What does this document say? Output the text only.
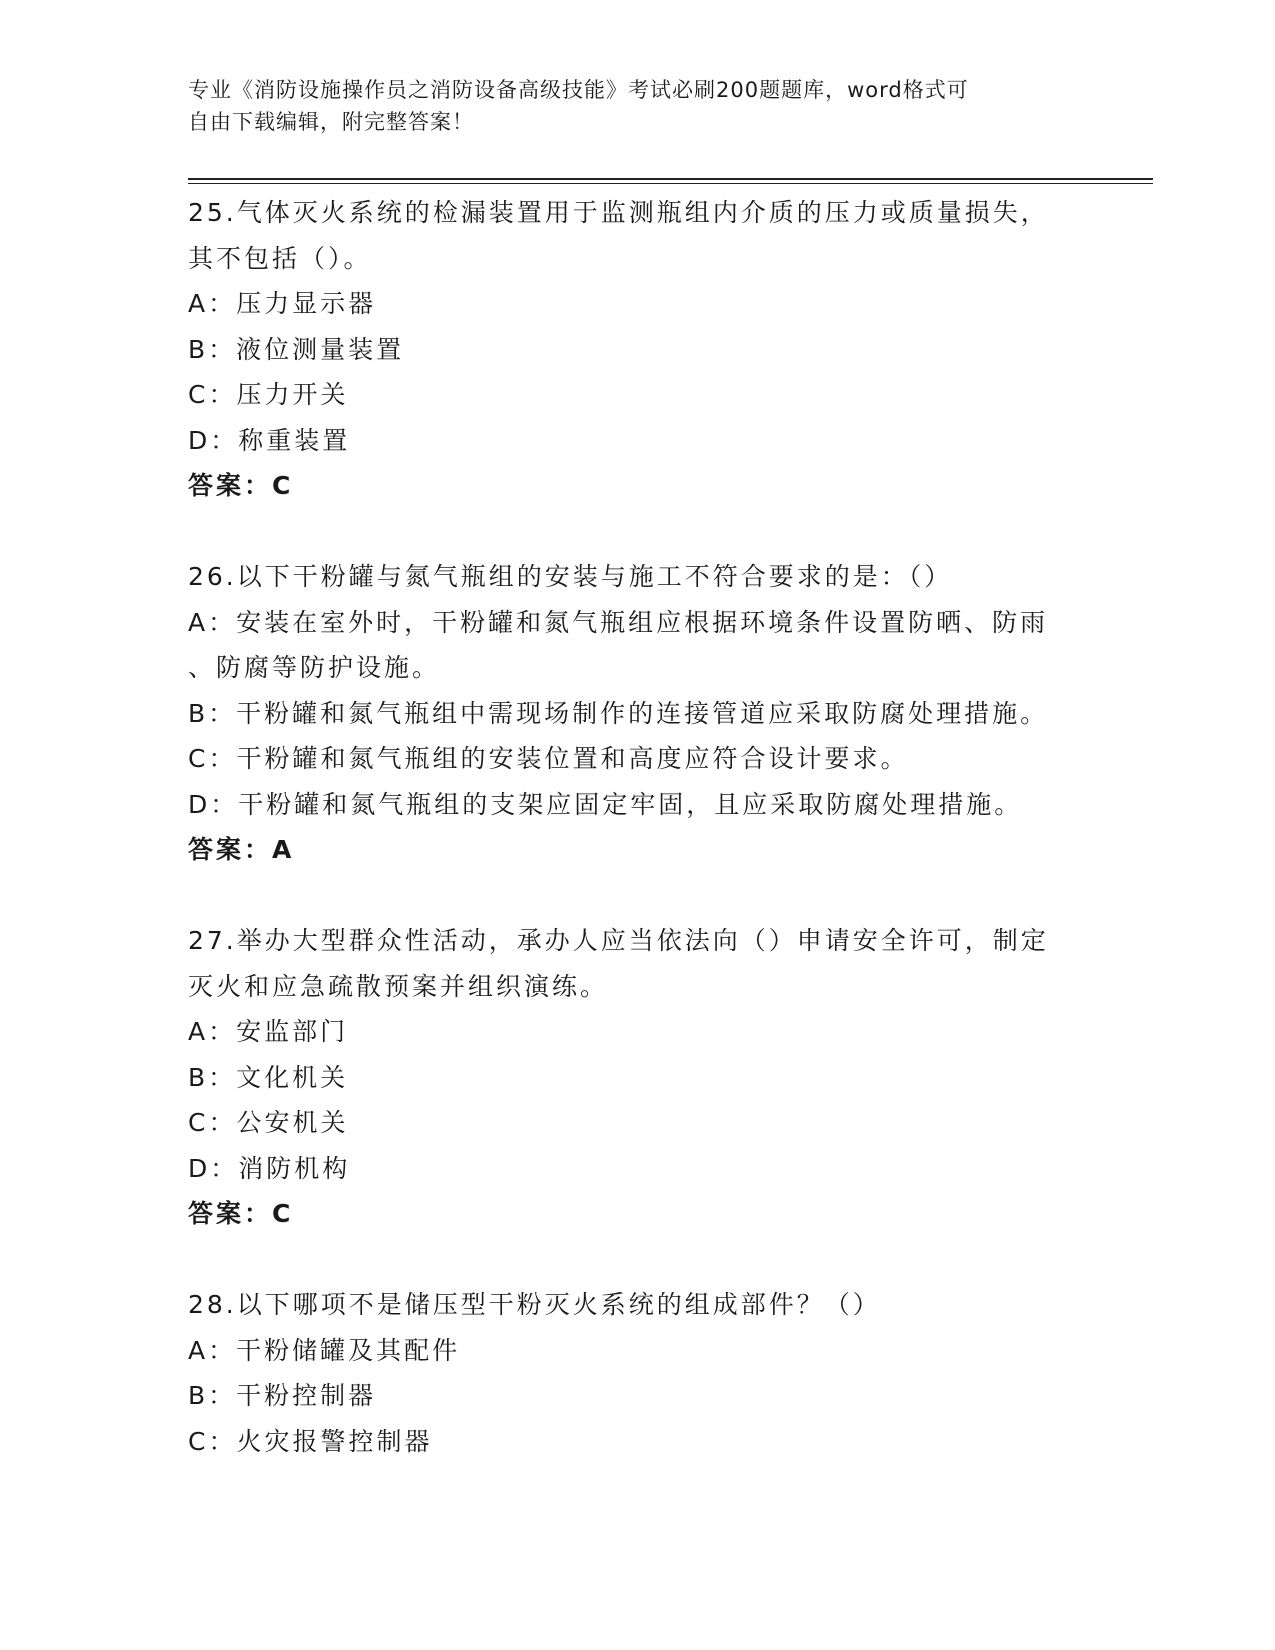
专业《消防设施操作员之消防设备高级技能》考试必刷200题题库，word格式可
自由下载编辑，附完整答案！
25.气体灭火系统的检漏装置用于监测瓶组内介质的压力或质量损失，
其不包括（）。
A：压力显示器
B：液位测量装置
C：压力开关
D：称重装置
答案：C
26.以下干粉罐与氮气瓶组的安装与施工不符合要求的是：（）
A：安装在室外时，干粉罐和氮气瓶组应根据环境条件设置防晒、防雨
、防腐等防护设施。
B：干粉罐和氮气瓶组中需现场制作的连接管道应采取防腐处理措施。
C：干粉罐和氮气瓶组的安装位置和高度应符合设计要求。
D：干粉罐和氮气瓶组的支架应固定牢固，且应采取防腐处理措施。
答案：A
27.举办大型群众性活动，承办人应当依法向（）申请安全许可，制定
灭火和应急疏散预案并组织演练。
A：安监部门
B：文化机关
C：公安机关
D：消防机构
答案：C
28.以下哪项不是储压型干粉灭火系统的组成部件？（）
A：干粉储罐及其配件
B：干粉控制器
C：火灾报警控制器
